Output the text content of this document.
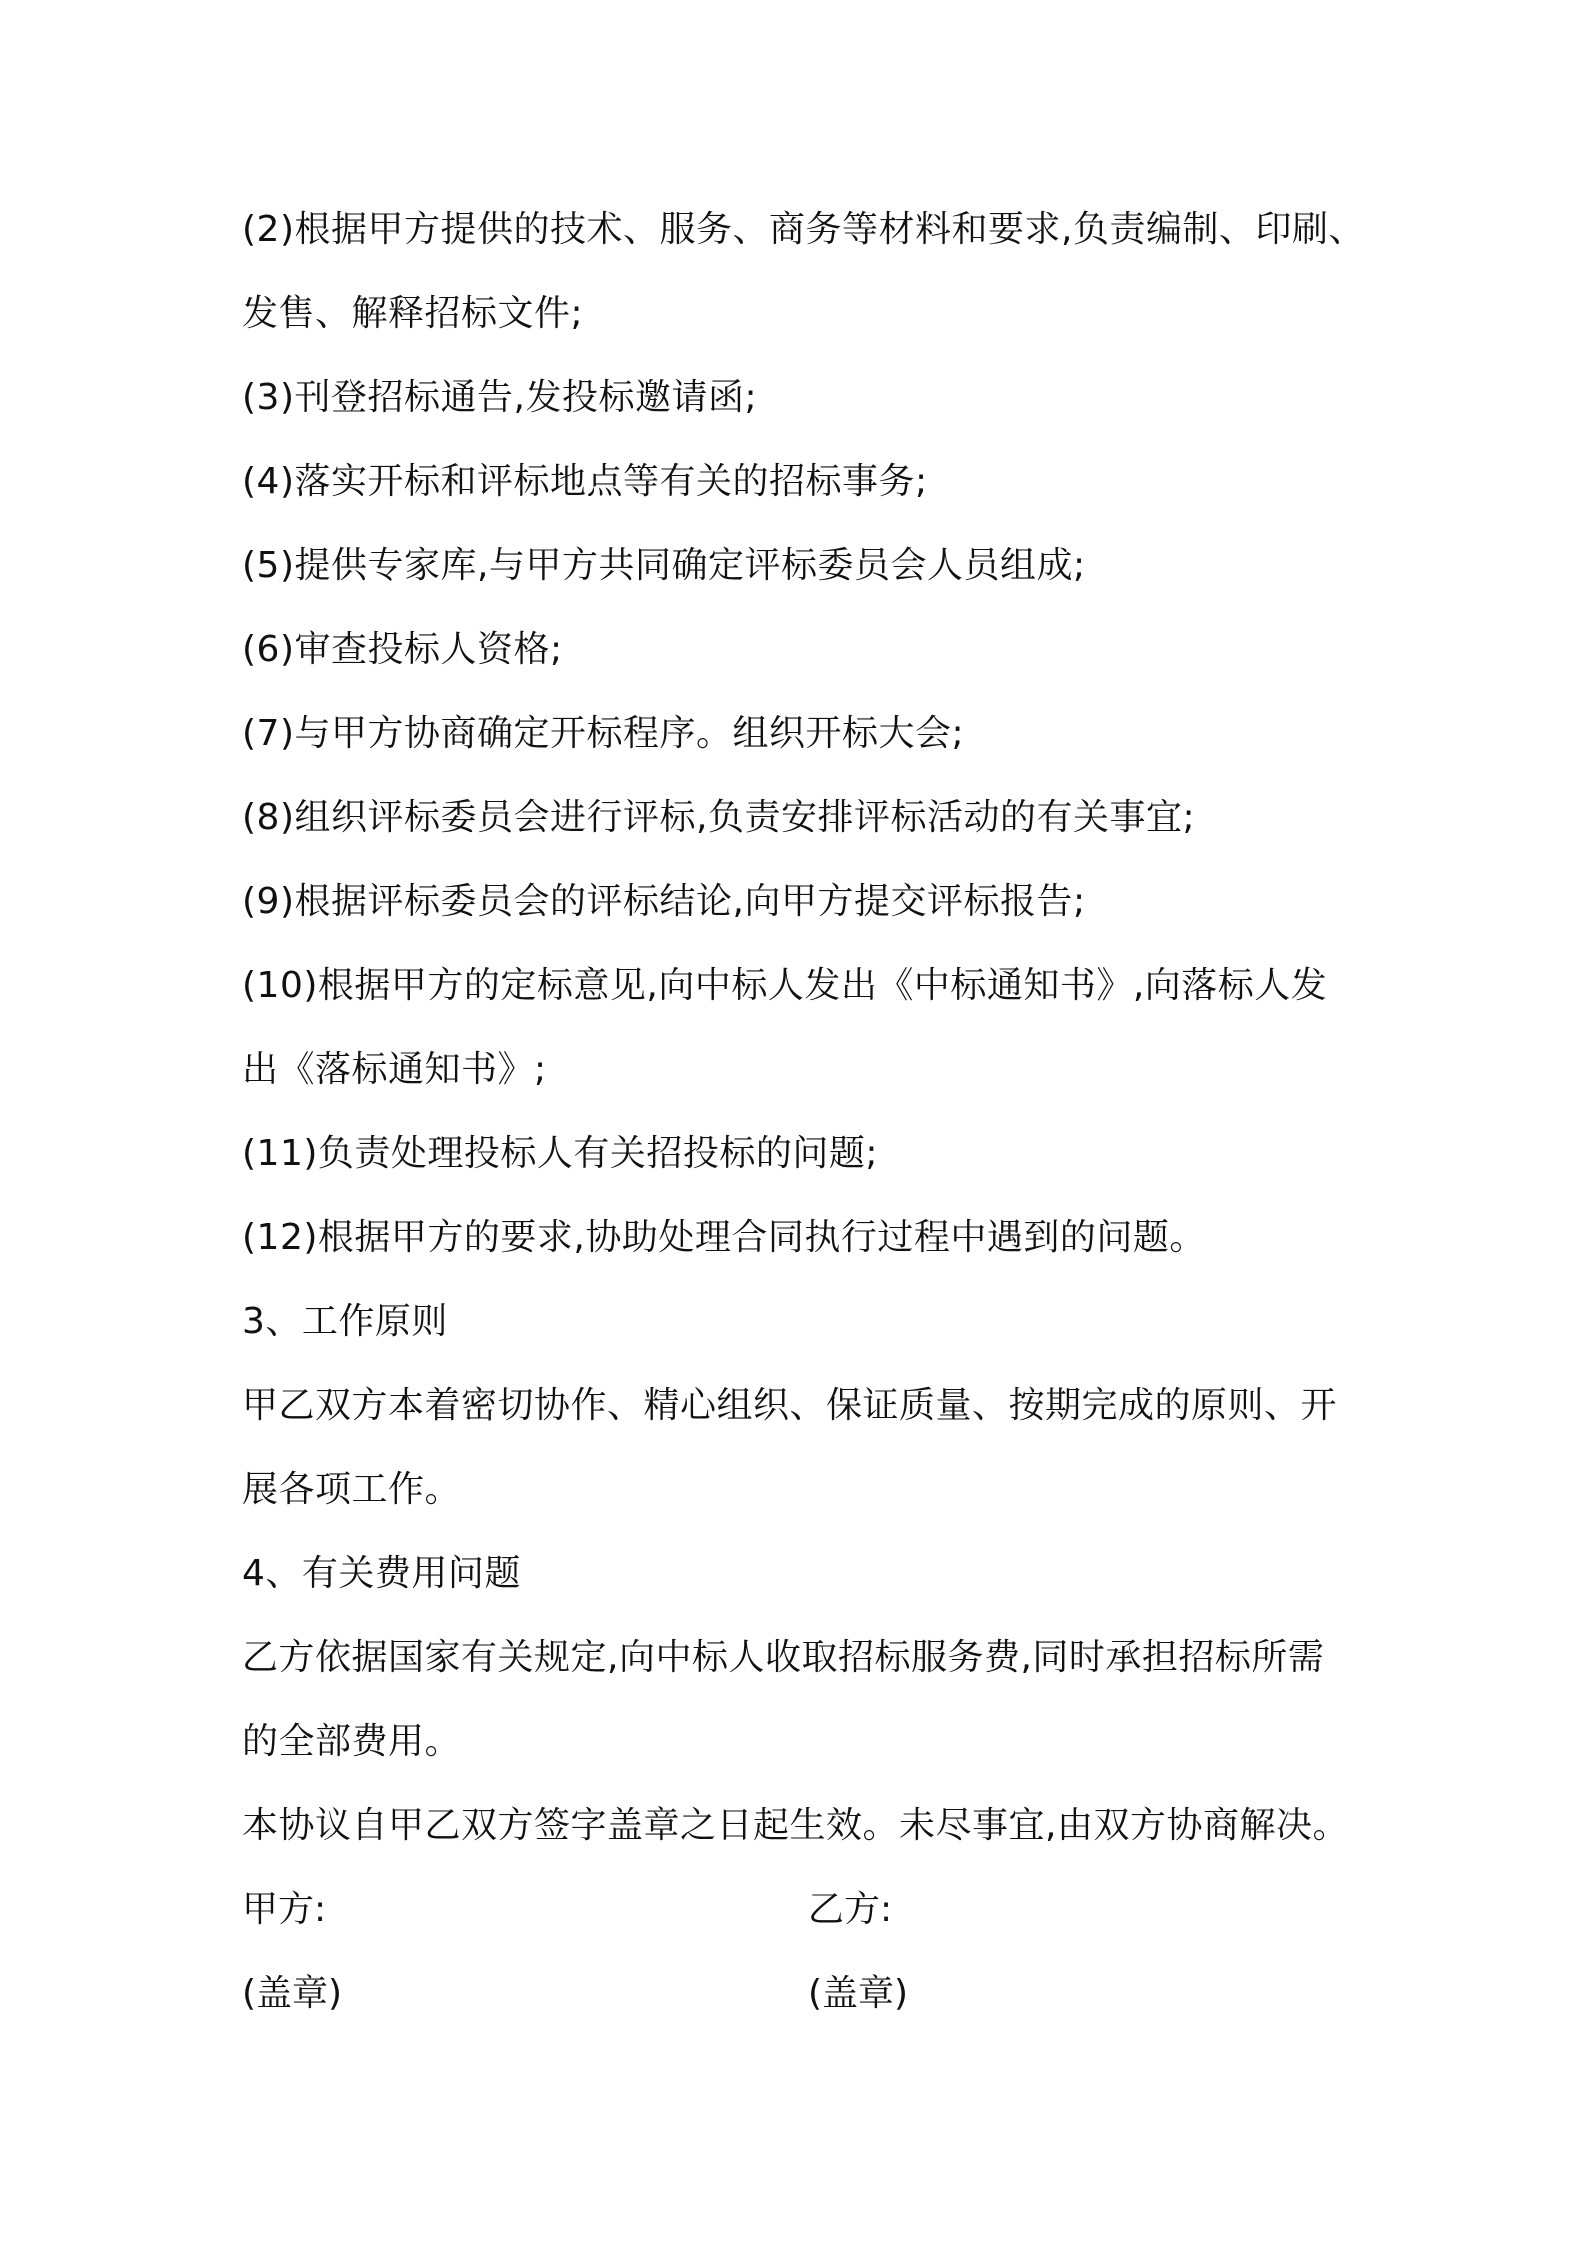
(2)根据甲方提供的技术、服务、商务等材料和要求,负责编制、印刷、
发售、解释招标文件;
(3)刊登招标通告,发投标邀请函;
(4)落实开标和评标地点等有关的招标事务;
(5)提供专家库,与甲方共同确定评标委员会人员组成;
(6)审查投标人资格;
(7)与甲方协商确定开标程序。组织开标大会;
(8)组织评标委员会进行评标,负责安排评标活动的有关事宜;
(9)根据评标委员会的评标结论,向甲方提交评标报告;
(10)根据甲方的定标意见,向中标人发出《中标通知书》,向落标人发
出《落标通知书》;
(11)负责处理投标人有关招投标的问题;
(12)根据甲方的要求,协助处理合同执行过程中遇到的问题。
3、工作原则
甲乙双方本着密切协作、精心组织、保证质量、按期完成的原则、开
展各项工作。
4、有关费用问题
乙方依据国家有关规定,向中标人收取招标服务费,同时承担招标所需
的全部费用。
本协议自甲乙双方签字盖章之日起生效。未尽事宜,由双方协商解决。
甲方:	乙方:
(盖章)	(盖章)
